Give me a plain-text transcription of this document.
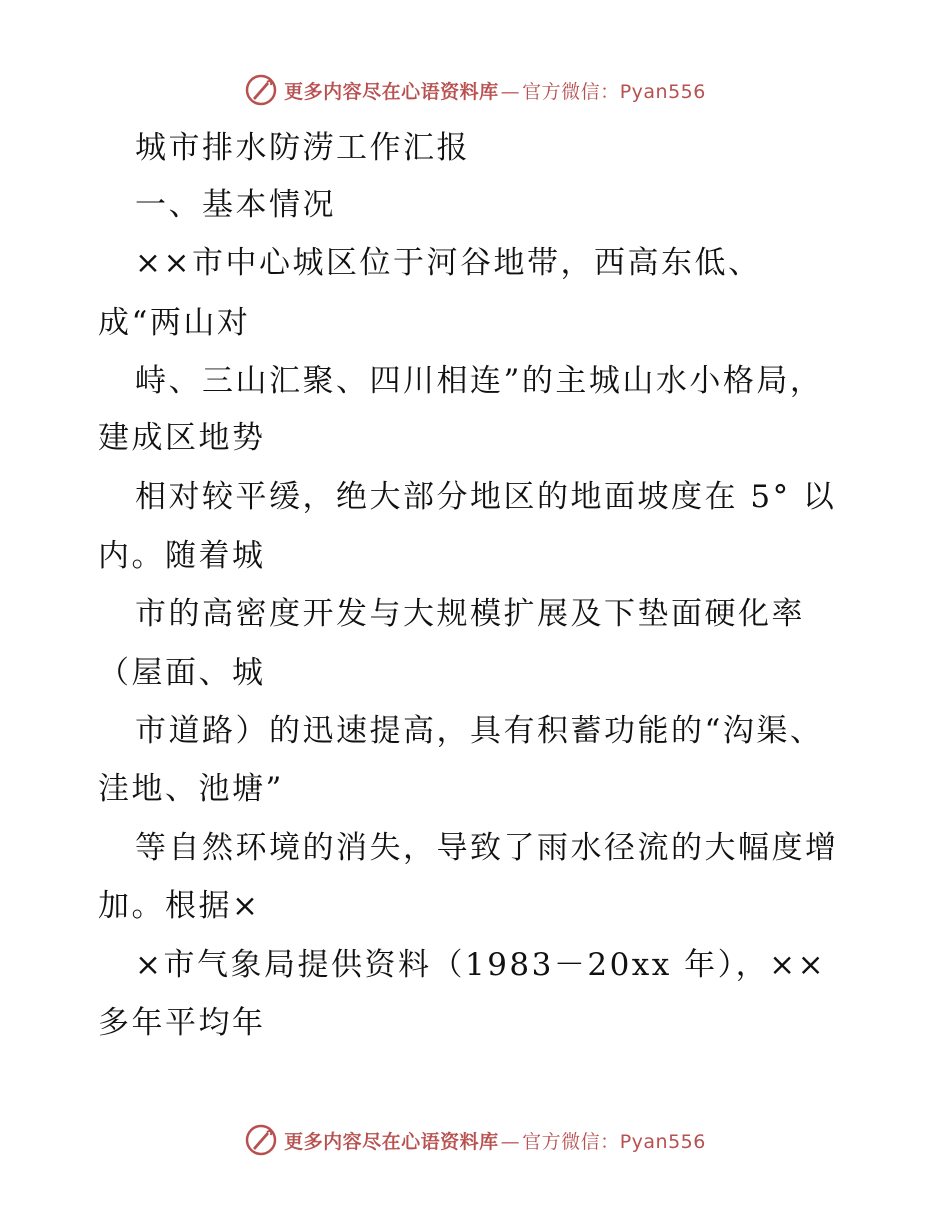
更多内容尽在心语资料库 — 官方微信：Pyan556
城市排水防涝工作汇报
一、基本情况
××市中心城区位于河谷地带，西高东低、
成“两山对
峙、三山汇聚、四川相连”的主城山水小格局，
建成区地势
相对较平缓，绝大部分地区的地面坡度在 5° 以
内。随着城
市的高密度开发与大规模扩展及下垫面硬化率
（屋面、城
市道路）的迅速提高，具有积蓄功能的“沟渠、
洼地、池塘”
等自然环境的消失，导致了雨水径流的大幅度增
加。根据×
×市气象局提供资料（1983－20xx 年），××
多年平均年
更多内容尽在心语资料库 — 官方微信：Pyan556
